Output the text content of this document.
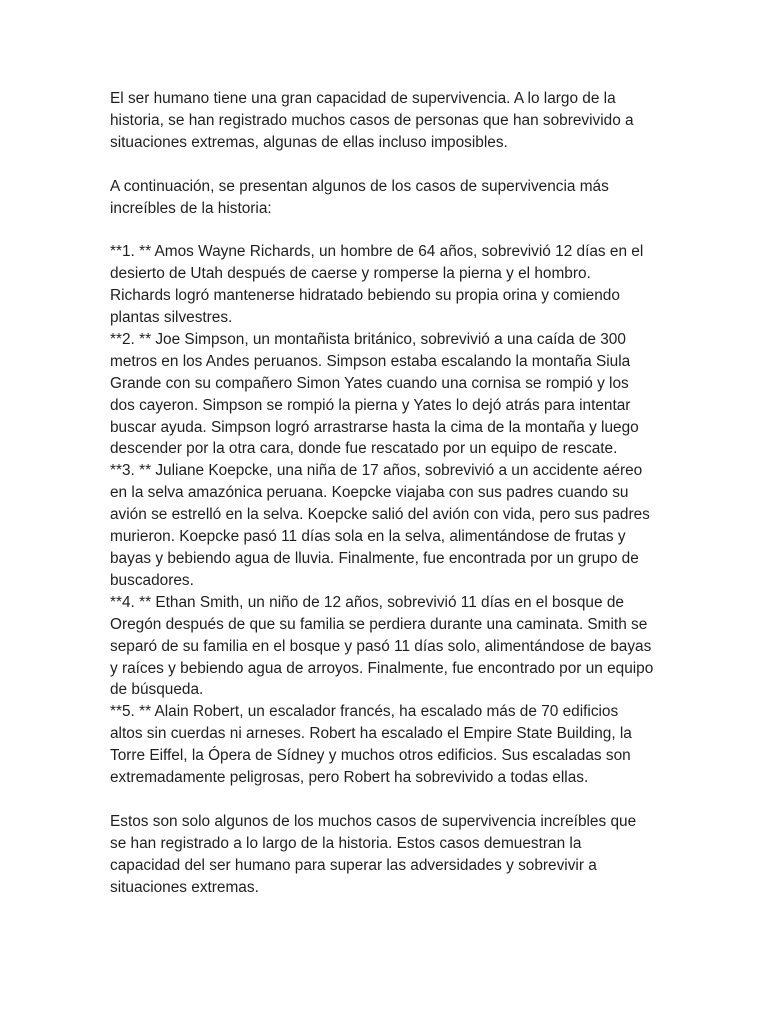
El ser humano tiene una gran capacidad de supervivencia. A lo largo de la
historia, se han registrado muchos casos de personas que han sobrevivido a
situaciones extremas, algunas de ellas incluso imposibles.

A continuación, se presentan algunos de los casos de supervivencia más
increíbles de la historia:

**1. ** Amos Wayne Richards, un hombre de 64 años, sobrevivió 12 días en el
desierto de Utah después de caerse y romperse la pierna y el hombro.
Richards logró mantenerse hidratado bebiendo su propia orina y comiendo
plantas silvestres.

**2. ** Joe Simpson, un montañista británico, sobrevivió a una caída de 300
metros en los Andes peruanos. Simpson estaba escalando la montaña Siula
Grande con su compañero Simon Yates cuando una cornisa se rompió y los
dos cayeron. Simpson se rompió la pierna y Yates lo dejó atrás para intentar
buscar ayuda. Simpson logró arrastrarse hasta la cima de la montaña y luego
descender por la otra cara, donde fue rescatado por un equipo de rescate.

**3. ** Juliane Koepcke, una niña de 17 años, sobrevivió a un accidente aéreo
en la selva amazónica peruana. Koepcke viajaba con sus padres cuando su
avión se estrelló en la selva. Koepcke salió del avión con vida, pero sus padres
murieron. Koepcke pasó 11 días sola en la selva, alimentándose de frutas y
bayas y bebiendo agua de lluvia. Finalmente, fue encontrada por un grupo de
buscadores.

**4. ** Ethan Smith, un niño de 12 años, sobrevivió 11 días en el bosque de
Oregón después de que su familia se perdiera durante una caminata. Smith se
separó de su familia en el bosque y pasó 11 días solo, alimentándose de bayas
y raíces y bebiendo agua de arroyos. Finalmente, fue encontrado por un equipo
de búsqueda.

**5. ** Alain Robert, un escalador francés, ha escalado más de 70 edificios
altos sin cuerdas ni arneses. Robert ha escalado el Empire State Building, la
Torre Eiffel, la Ópera de Sídney y muchos otros edificios. Sus escaladas son
extremadamente peligrosas, pero Robert ha sobrevivido a todas ellas.

Estos son solo algunos de los muchos casos de supervivencia increíbles que
se han registrado a lo largo de la historia. Estos casos demuestran la
capacidad del ser humano para superar las adversidades y sobrevivir a
situaciones extremas.
